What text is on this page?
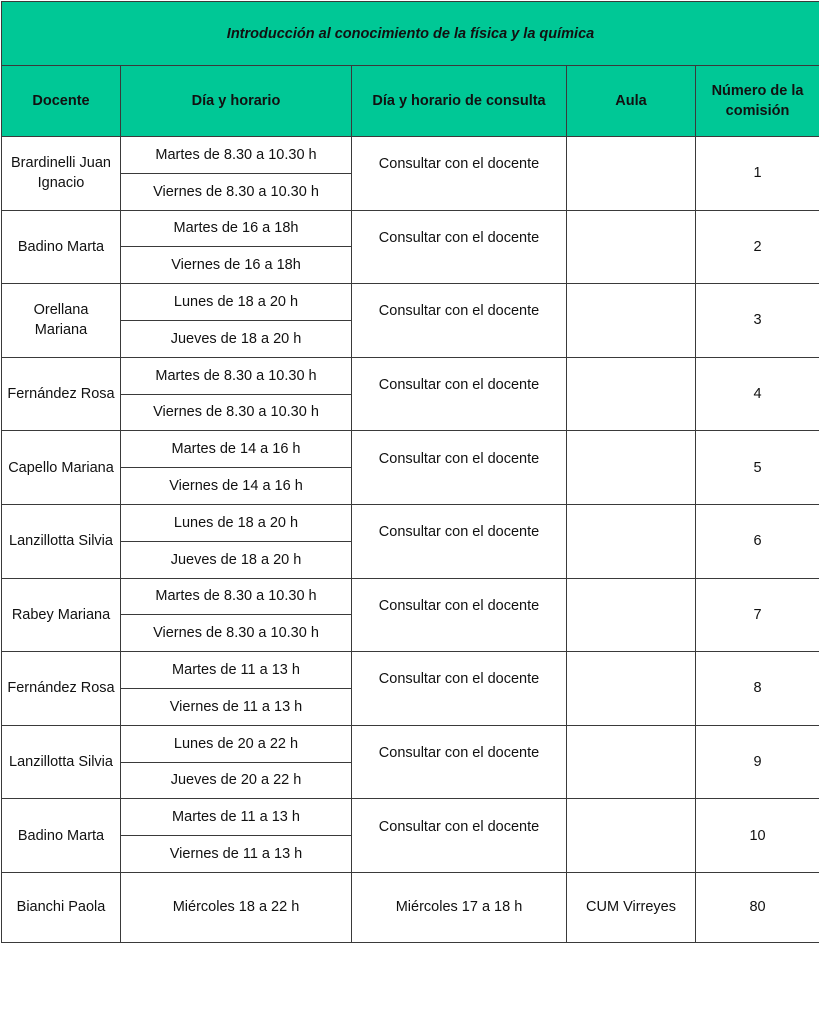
Introducción al conocimiento de la física y la química				
Docente	Día y horario	Día y horario de consulta	Aula	Número de la comisión
Brardinelli Juan Ignacio	Martes de 8.30 a 10.30 h	Consultar con el docente		1
	Viernes de 8.30 a 10.30 h			
Badino Marta	Martes de 16 a 18h	Consultar con el docente		2
	Viernes de 16 a 18h			
Orellana Mariana	Lunes de 18 a 20 h	Consultar con el docente		3
	Jueves de 18 a 20 h			
Fernández Rosa	Martes de 8.30 a 10.30 h	Consultar con el docente		4
	Viernes de 8.30 a 10.30 h			
Capello Mariana	Martes de 14 a 16 h	Consultar con el docente		5
	Viernes de 14 a 16 h			
Lanzillotta Silvia	Lunes de 18 a 20 h	Consultar con el docente		6
	Jueves de 18 a 20 h			
Rabey Mariana	Martes de 8.30 a 10.30 h	Consultar con el docente		7
	Viernes de 8.30 a 10.30 h			
Fernández Rosa	Martes de 11 a 13 h	Consultar con el docente		8
	Viernes de 11 a 13 h			
Lanzillotta Silvia	Lunes de 20 a 22 h	Consultar con el docente		9
	Jueves de 20 a 22 h			
Badino Marta	Martes de 11 a 13 h	Consultar con el docente		10
	Viernes de 11 a 13 h			
Bianchi Paola	Miércoles 18 a 22 h	Miércoles 17 a 18 h	CUM Virreyes	80
